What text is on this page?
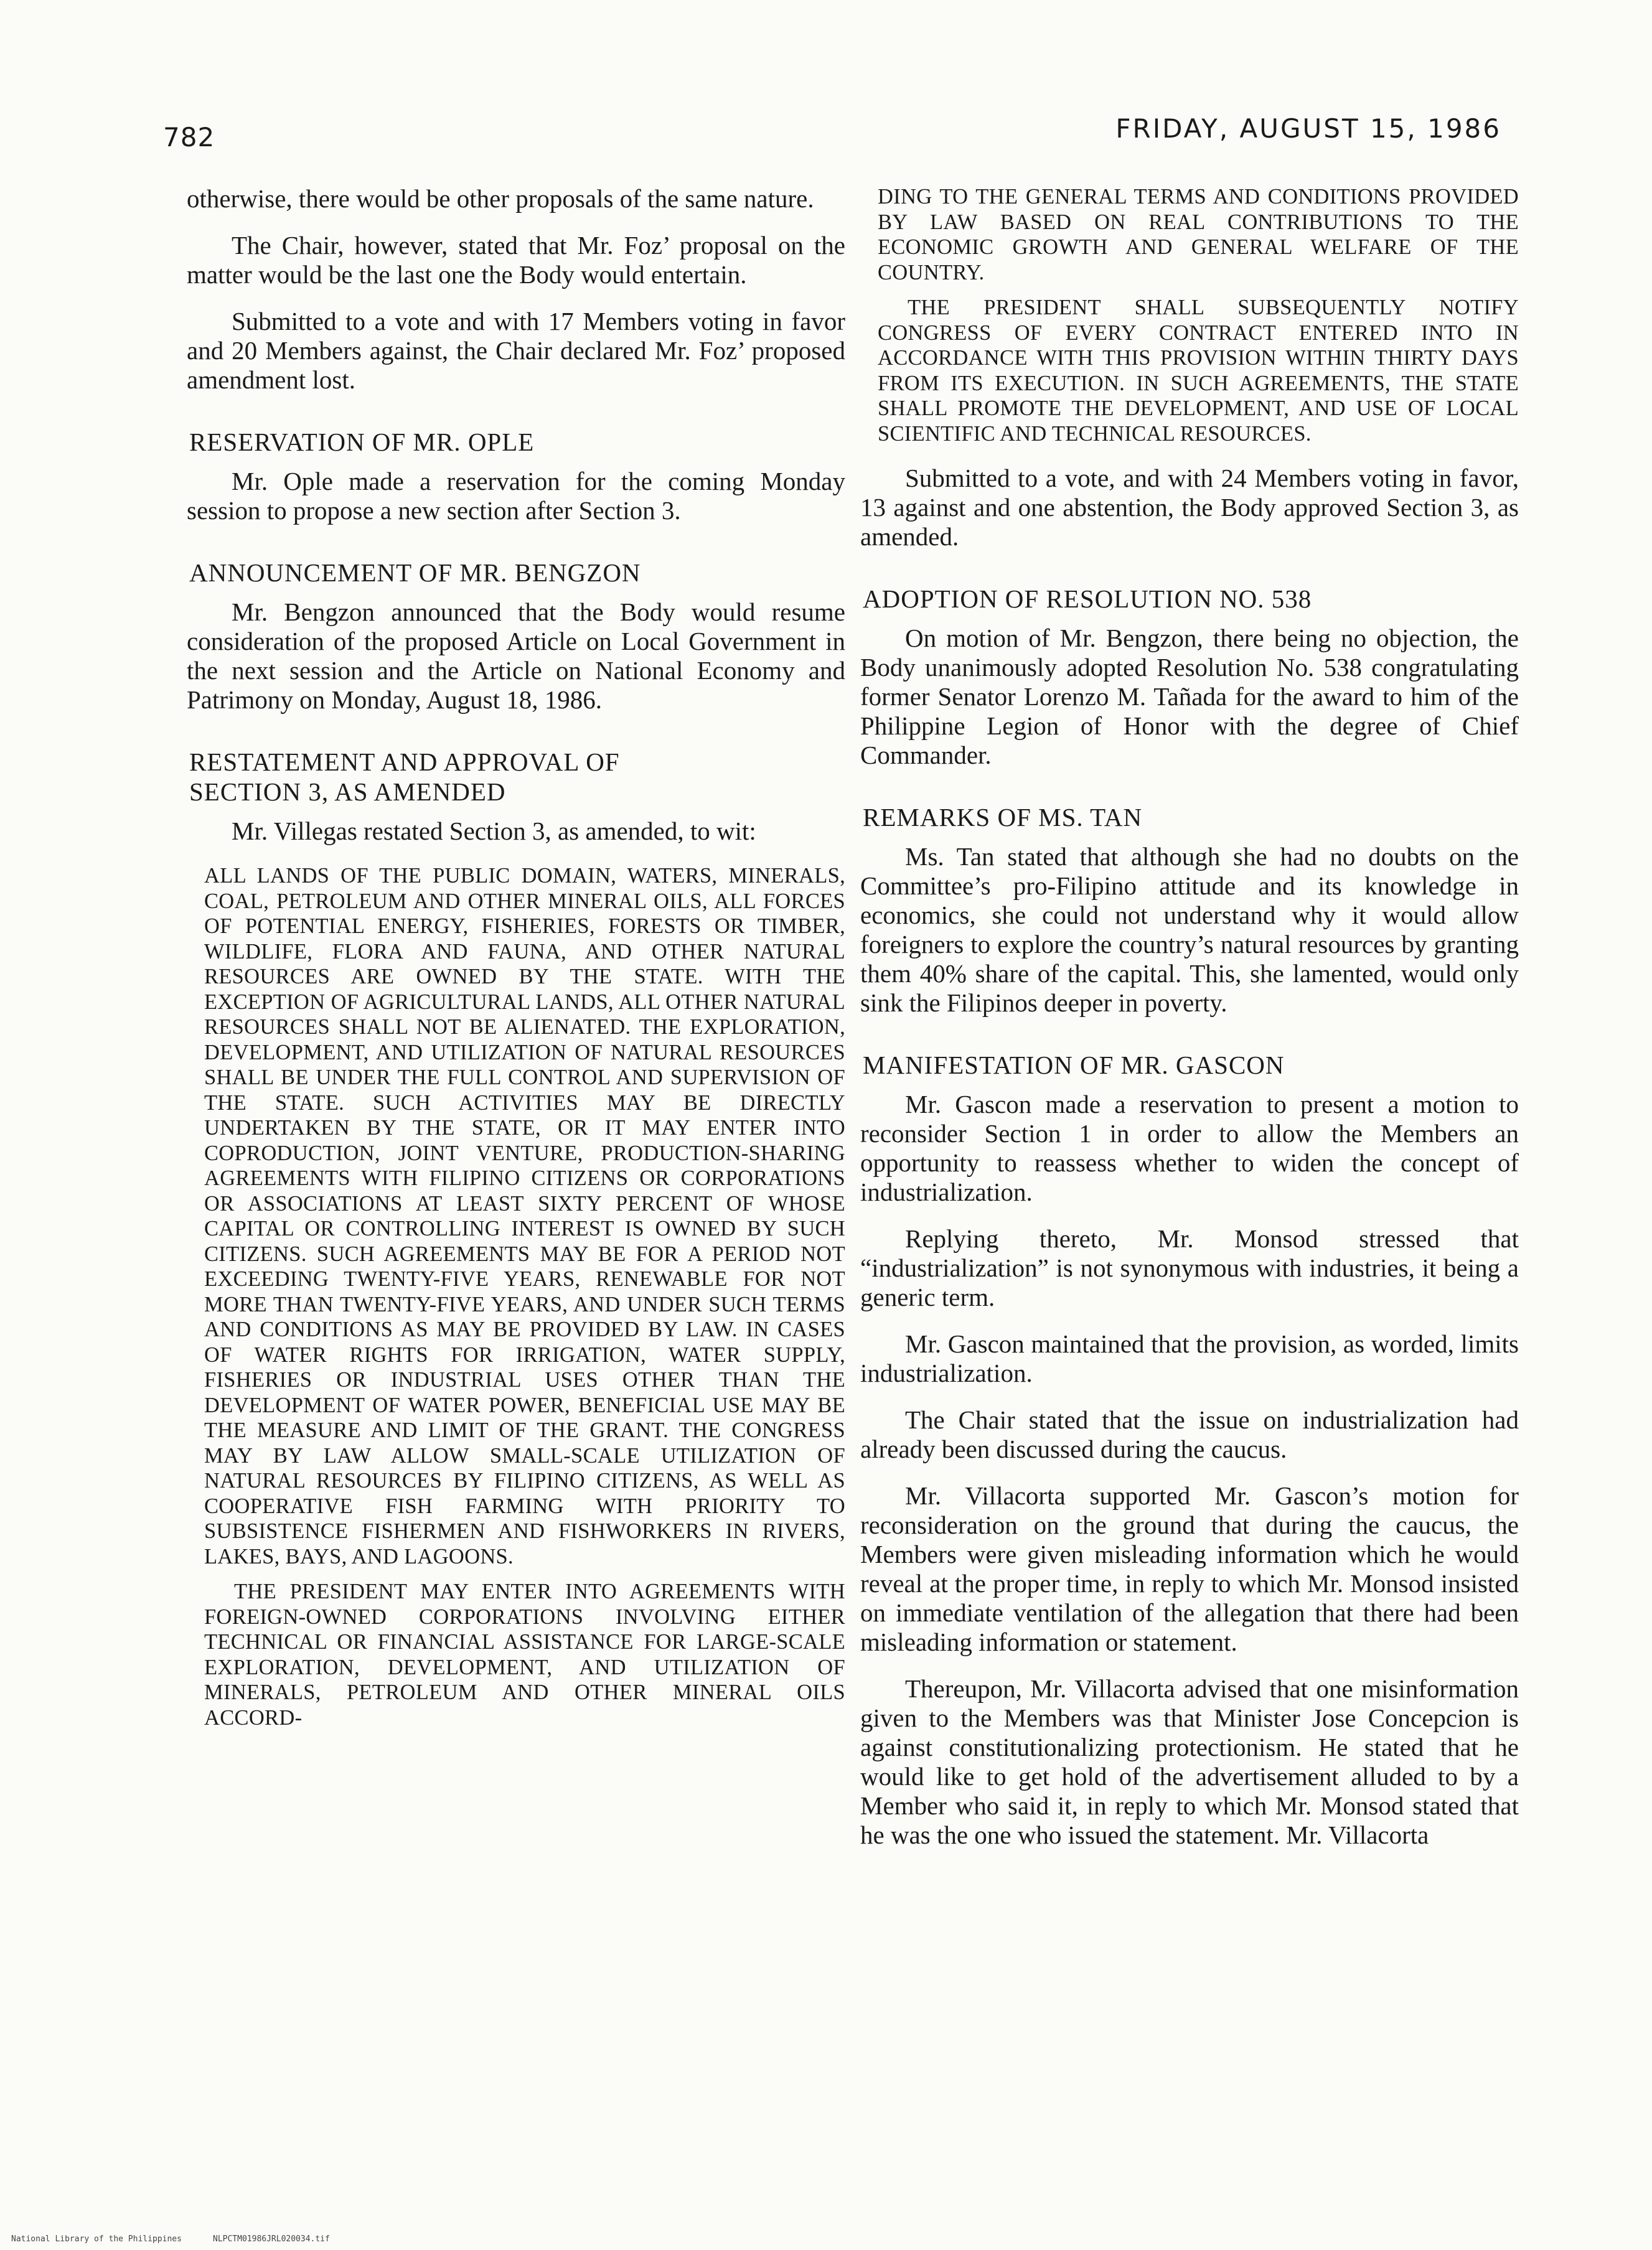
782	FRIDAY, AUGUST 15, 1986

otherwise, there would be other proposals of the same nature.

The Chair, however, stated that Mr. Foz’ proposal on the matter would be the last one the Body would entertain.

Submitted to a vote and with 17 Members voting in favor and 20 Members against, the Chair declared Mr. Foz’ proposed amendment lost.

RESERVATION OF MR. OPLE

Mr. Ople made a reservation for the coming Monday session to propose a new section after Section 3.

ANNOUNCEMENT OF MR. BENGZON

Mr. Bengzon announced that the Body would resume consideration of the proposed Article on Local Government in the next session and the Article on National Economy and Patrimony on Monday, August 18, 1986.

RESTATEMENT AND APPROVAL OF
SECTION 3, AS AMENDED

Mr. Villegas restated Section 3, as amended, to wit:

ALL LANDS OF THE PUBLIC DOMAIN, WATERS, MINERALS, COAL, PETROLEUM AND OTHER MINERAL OILS, ALL FORCES OF POTENTIAL ENERGY, FISHERIES, FORESTS OR TIMBER, WILDLIFE, FLORA AND FAUNA, AND OTHER NATURAL RESOURCES ARE OWNED BY THE STATE. WITH THE EXCEPTION OF AGRICULTURAL LANDS, ALL OTHER NATURAL RESOURCES SHALL NOT BE ALIENATED. THE EXPLORATION, DEVELOPMENT, AND UTILIZATION OF NATURAL RESOURCES SHALL BE UNDER THE FULL CONTROL AND SUPERVISION OF THE STATE. SUCH ACTIVITIES MAY BE DIRECTLY UNDERTAKEN BY THE STATE, OR IT MAY ENTER INTO COPRODUCTION, JOINT VENTURE, PRODUCTION-SHARING AGREEMENTS WITH FILIPINO CITIZENS OR CORPORATIONS OR ASSOCIATIONS AT LEAST SIXTY PERCENT OF WHOSE CAPITAL OR CONTROLLING INTEREST IS OWNED BY SUCH CITIZENS. SUCH AGREEMENTS MAY BE FOR A PERIOD NOT EXCEEDING TWENTY-FIVE YEARS, RENEWABLE FOR NOT MORE THAN TWENTY-FIVE YEARS, AND UNDER SUCH TERMS AND CONDITIONS AS MAY BE PROVIDED BY LAW. IN CASES OF WATER RIGHTS FOR IRRIGATION, WATER SUPPLY, FISHERIES OR INDUSTRIAL USES OTHER THAN THE DEVELOPMENT OF WATER POWER, BENEFICIAL USE MAY BE THE MEASURE AND LIMIT OF THE GRANT. THE CONGRESS MAY BY LAW ALLOW SMALL-SCALE UTILIZATION OF NATURAL RESOURCES BY FILIPINO CITIZENS, AS WELL AS COOPERATIVE FISH FARMING WITH PRIORITY TO SUBSISTENCE FISHERMEN AND FISHWORKERS IN RIVERS, LAKES, BAYS, AND LAGOONS.

THE PRESIDENT MAY ENTER INTO AGREEMENTS WITH FOREIGN-OWNED CORPORATIONS INVOLVING EITHER TECHNICAL OR FINANCIAL ASSISTANCE FOR LARGE-SCALE EXPLORATION, DEVELOPMENT, AND UTILIZATION OF MINERALS, PETROLEUM AND OTHER MINERAL OILS ACCORD-

DING TO THE GENERAL TERMS AND CONDITIONS PROVIDED BY LAW BASED ON REAL CONTRIBUTIONS TO THE ECONOMIC GROWTH AND GENERAL WELFARE OF THE COUNTRY.

THE PRESIDENT SHALL SUBSEQUENTLY NOTIFY CONGRESS OF EVERY CONTRACT ENTERED INTO IN ACCORDANCE WITH THIS PROVISION WITHIN THIRTY DAYS FROM ITS EXECUTION. IN SUCH AGREEMENTS, THE STATE SHALL PROMOTE THE DEVELOPMENT, AND USE OF LOCAL SCIENTIFIC AND TECHNICAL RESOURCES.

Submitted to a vote, and with 24 Members voting in favor, 13 against and one abstention, the Body approved Section 3, as amended.

ADOPTION OF RESOLUTION NO. 538

On motion of Mr. Bengzon, there being no objection, the Body unanimously adopted Resolution No. 538 congratulating former Senator Lorenzo M. Tañada for the award to him of the Philippine Legion of Honor with the degree of Chief Commander.

REMARKS OF MS. TAN

Ms. Tan stated that although she had no doubts on the Committee’s pro-Filipino attitude and its knowledge in economics, she could not understand why it would allow foreigners to explore the country’s natural resources by granting them 40% share of the capital. This, she lamented, would only sink the Filipinos deeper in poverty.

MANIFESTATION OF MR. GASCON

Mr. Gascon made a reservation to present a motion to reconsider Section 1 in order to allow the Members an opportunity to reassess whether to widen the concept of industrialization.

Replying thereto, Mr. Monsod stressed that “industrialization” is not synonymous with industries, it being a generic term.

Mr. Gascon maintained that the provision, as worded, limits industrialization.

The Chair stated that the issue on industrialization had already been discussed during the caucus.

Mr. Villacorta supported Mr. Gascon’s motion for reconsideration on the ground that during the caucus, the Members were given misleading information which he would reveal at the proper time, in reply to which Mr. Monsod insisted on immediate ventilation of the allegation that there had been misleading information or statement.

Thereupon, Mr. Villacorta advised that one misinformation given to the Members was that Minister Jose Concepcion is against constitutionalizing protectionism. He stated that he would like to get hold of the advertisement alluded to by a Member who said it, in reply to which Mr. Monsod stated that he was the one who issued the statement. Mr. Villacorta

National Library of the Philippines	NLPCTM01986JRL020034.tif
